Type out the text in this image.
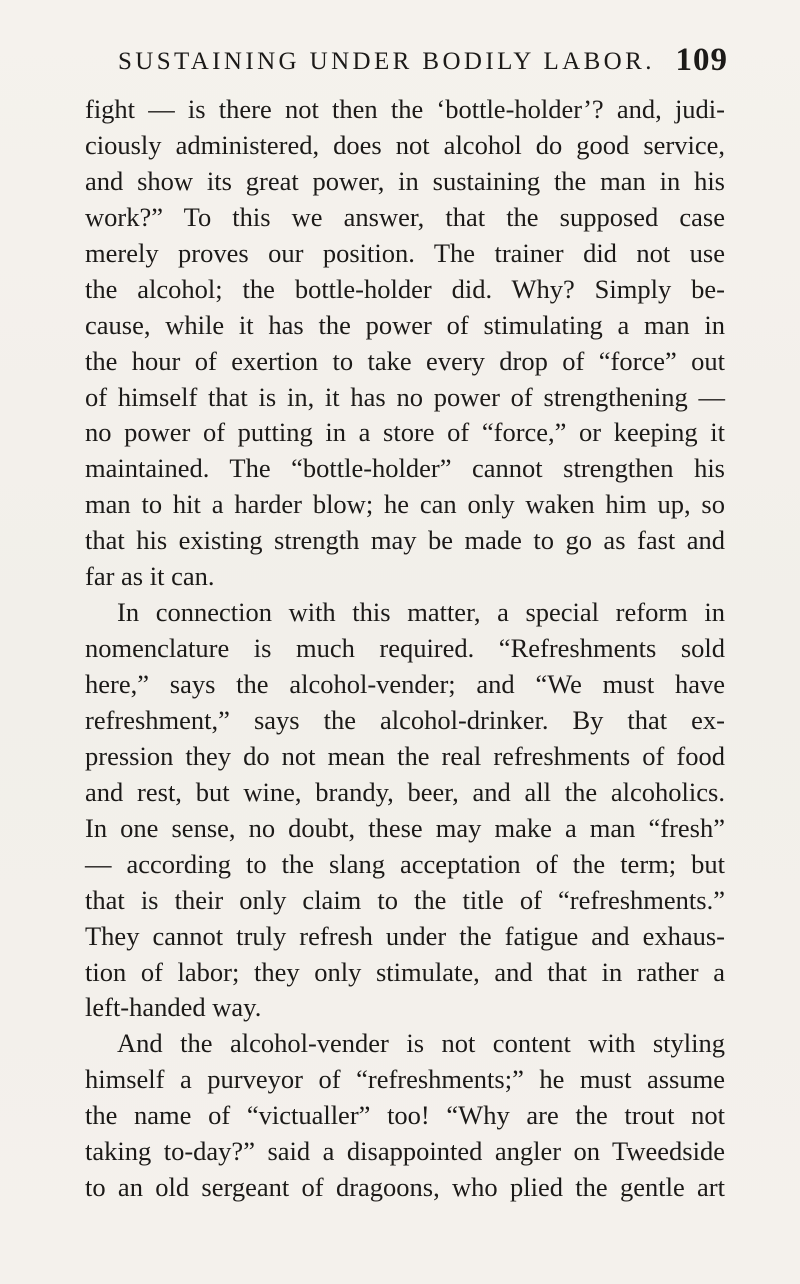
SUSTAINING UNDER BODILY LABOR. 109
fight — is there not then the ‘bottle-holder’? and, judi-
ciously administered, does not alcohol do good service,
and show its great power, in sustaining the man in his
work?” To this we answer, that the supposed case
merely proves our position. The trainer did not use
the alcohol; the bottle-holder did. Why? Simply be-
cause, while it has the power of stimulating a man in
the hour of exertion to take every drop of “force” out
of himself that is in, it has no power of strengthening —
no power of putting in a store of “force,” or keeping it
maintained. The “bottle-holder” cannot strengthen his
man to hit a harder blow; he can only waken him up, so
that his existing strength may be made to go as fast and
far as it can.
In connection with this matter, a special reform in
nomenclature is much required. “Refreshments sold
here,” says the alcohol-vender; and “We must have
refreshment,” says the alcohol-drinker. By that ex-
pression they do not mean the real refreshments of food
and rest, but wine, brandy, beer, and all the alcoholics.
In one sense, no doubt, these may make a man “fresh”
— according to the slang acceptation of the term; but
that is their only claim to the title of “refreshments.”
They cannot truly refresh under the fatigue and exhaus-
tion of labor; they only stimulate, and that in rather a
left-handed way.
And the alcohol-vender is not content with styling
himself a purveyor of “refreshments;” he must assume
the name of “victualler” too! “Why are the trout not
taking to-day?” said a disappointed angler on Tweedside
to an old sergeant of dragoons, who plied the gentle art
